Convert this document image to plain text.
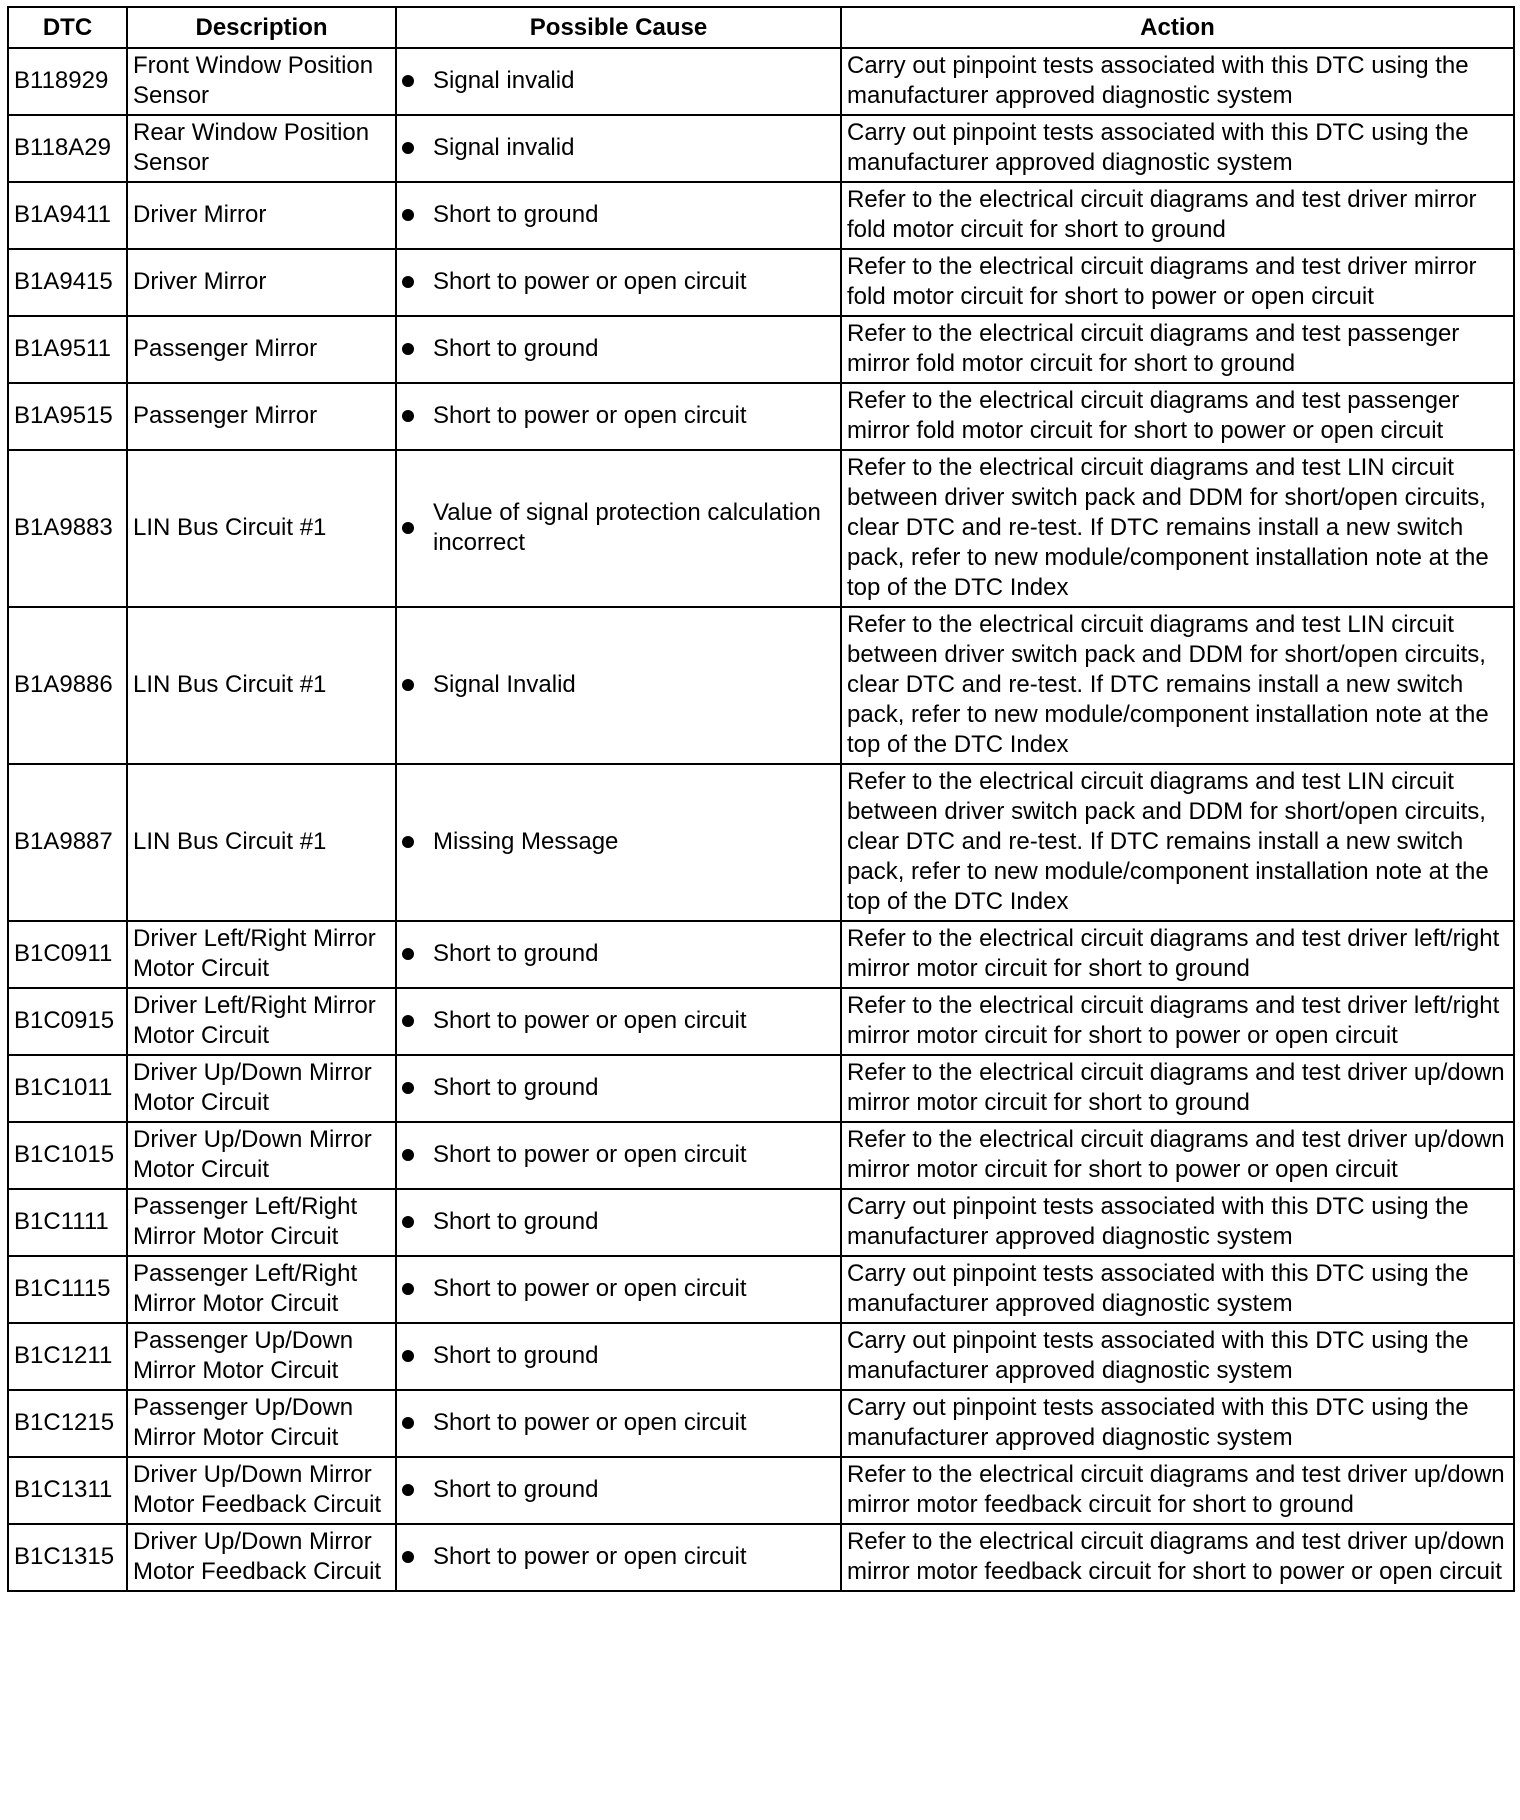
DTC	Description	Possible Cause	Action
B118929	Front Window Position Sensor	Signal invalid	Carry out pinpoint tests associated with this DTC using the manufacturer approved diagnostic system
B118A29	Rear Window Position Sensor	Signal invalid	Carry out pinpoint tests associated with this DTC using the manufacturer approved diagnostic system
B1A9411	Driver Mirror	Short to ground	Refer to the electrical circuit diagrams and test driver mirror fold motor circuit for short to ground
B1A9415	Driver Mirror	Short to power or open circuit	Refer to the electrical circuit diagrams and test driver mirror fold motor circuit for short to power or open circuit
B1A9511	Passenger Mirror	Short to ground	Refer to the electrical circuit diagrams and test passenger mirror fold motor circuit for short to ground
B1A9515	Passenger Mirror	Short to power or open circuit	Refer to the electrical circuit diagrams and test passenger mirror fold motor circuit for short to power or open circuit
B1A9883	LIN Bus Circuit #1	Value of signal protection calculation incorrect	Refer to the electrical circuit diagrams and test LIN circuit between driver switch pack and DDM for short/open circuits, clear DTC and re-test. If DTC remains install a new switch pack, refer to new module/component installation note at the top of the DTC Index
B1A9886	LIN Bus Circuit #1	Signal Invalid	Refer to the electrical circuit diagrams and test LIN circuit between driver switch pack and DDM for short/open circuits, clear DTC and re-test. If DTC remains install a new switch pack, refer to new module/component installation note at the top of the DTC Index
B1A9887	LIN Bus Circuit #1	Missing Message	Refer to the electrical circuit diagrams and test LIN circuit between driver switch pack and DDM for short/open circuits, clear DTC and re-test. If DTC remains install a new switch pack, refer to new module/component installation note at the top of the DTC Index
B1C0911	Driver Left/Right Mirror Motor Circuit	Short to ground	Refer to the electrical circuit diagrams and test driver left/right mirror motor circuit for short to ground
B1C0915	Driver Left/Right Mirror Motor Circuit	Short to power or open circuit	Refer to the electrical circuit diagrams and test driver left/right mirror motor circuit for short to power or open circuit
B1C1011	Driver Up/Down Mirror Motor Circuit	Short to ground	Refer to the electrical circuit diagrams and test driver up/down mirror motor circuit for short to ground
B1C1015	Driver Up/Down Mirror Motor Circuit	Short to power or open circuit	Refer to the electrical circuit diagrams and test driver up/down mirror motor circuit for short to power or open circuit
B1C1111	Passenger Left/Right Mirror Motor Circuit	Short to ground	Carry out pinpoint tests associated with this DTC using the manufacturer approved diagnostic system
B1C1115	Passenger Left/Right Mirror Motor Circuit	Short to power or open circuit	Carry out pinpoint tests associated with this DTC using the manufacturer approved diagnostic system
B1C1211	Passenger Up/Down Mirror Motor Circuit	Short to ground	Carry out pinpoint tests associated with this DTC using the manufacturer approved diagnostic system
B1C1215	Passenger Up/Down Mirror Motor Circuit	Short to power or open circuit	Carry out pinpoint tests associated with this DTC using the manufacturer approved diagnostic system
B1C1311	Driver Up/Down Mirror Motor Feedback Circuit	Short to ground	Refer to the electrical circuit diagrams and test driver up/down mirror motor feedback circuit for short to ground
B1C1315	Driver Up/Down Mirror Motor Feedback Circuit	Short to power or open circuit	Refer to the electrical circuit diagrams and test driver up/down mirror motor feedback circuit for short to power or open circuit
